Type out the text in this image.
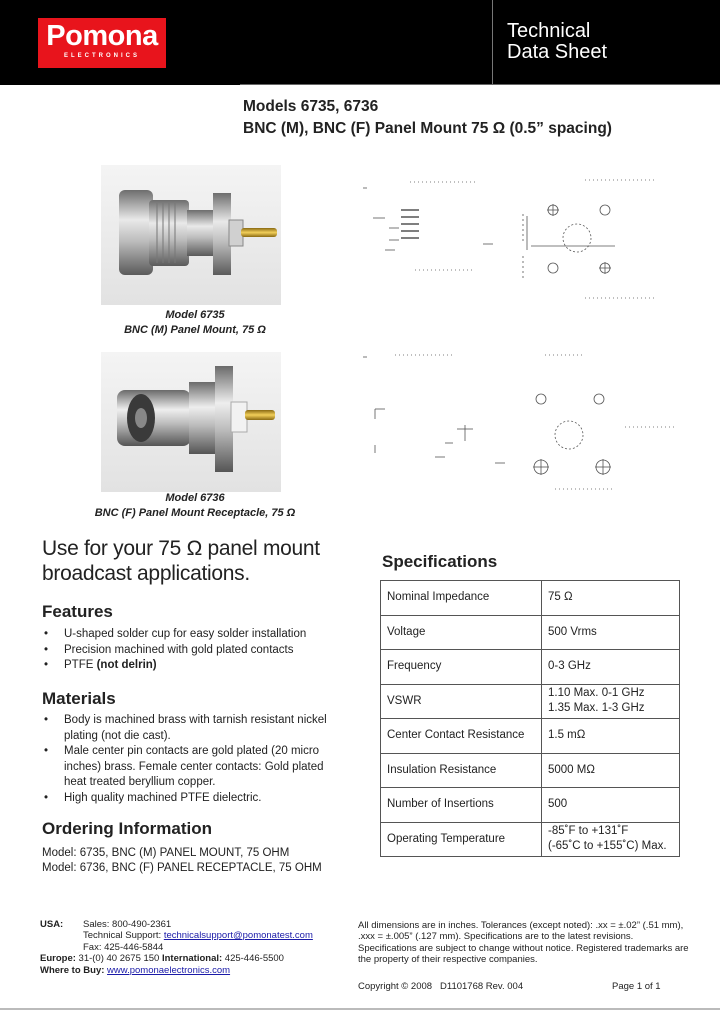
Pomona
ELECTRONICS
Technical
Data Sheet
Models 6735, 6736
BNC (M), BNC (F) Panel Mount 75 Ω (0.5” spacing)
Model 6735
BNC (M) Panel Mount, 75 Ω
Model 6736
BNC (F) Panel Mount Receptacle, 75 Ω
Use for your 75 Ω panel mount
broadcast applications.
Features
• U-shaped solder cup for easy solder installation
• Precision machined with gold plated contacts
• PTFE (not delrin)
Materials
• Body is machined brass with tarnish resistant nickel plating (not die cast).
• Male center pin contacts are gold plated (20 micro inches) brass. Female center contacts: Gold plated heat treated beryllium copper.
• High quality machined PTFE dielectric.
Ordering Information
Model: 6735, BNC (M) PANEL MOUNT, 75 OHM
Model: 6736, BNC (F) PANEL RECEPTACLE, 75 OHM
Specifications
Nominal Impedance	75 Ω
Voltage	500 Vrms
Frequency	0-3 GHz
VSWR	1.10 Max. 0-1 GHz
1.35 Max. 1-3 GHz

Center Contact Resistance	1.5 mΩ
Insulation Resistance	5000 MΩ
Number of Insertions	500
Operating Temperature	-85˚F to +131˚F
(-65˚C to +155˚C) Max.
USA: Sales: 800-490-2361
Technical Support: technicalsupport@pomonatest.com
Fax: 425-446-5844
Europe: 31-(0) 40 2675 150 International: 425-446-5500
Where to Buy: www.pomonaelectronics.com
All dimensions are in inches. Tolerances (except noted): .xx = ±.02” (.51 mm),
.xxx = ±.005” (.127 mm). Specifications are to the latest revisions.
Specifications are subject to change without notice. Registered trademarks are
the property of their respective companies.
Copyright © 2008 D1101768 Rev. 004	Page 1 of 1
